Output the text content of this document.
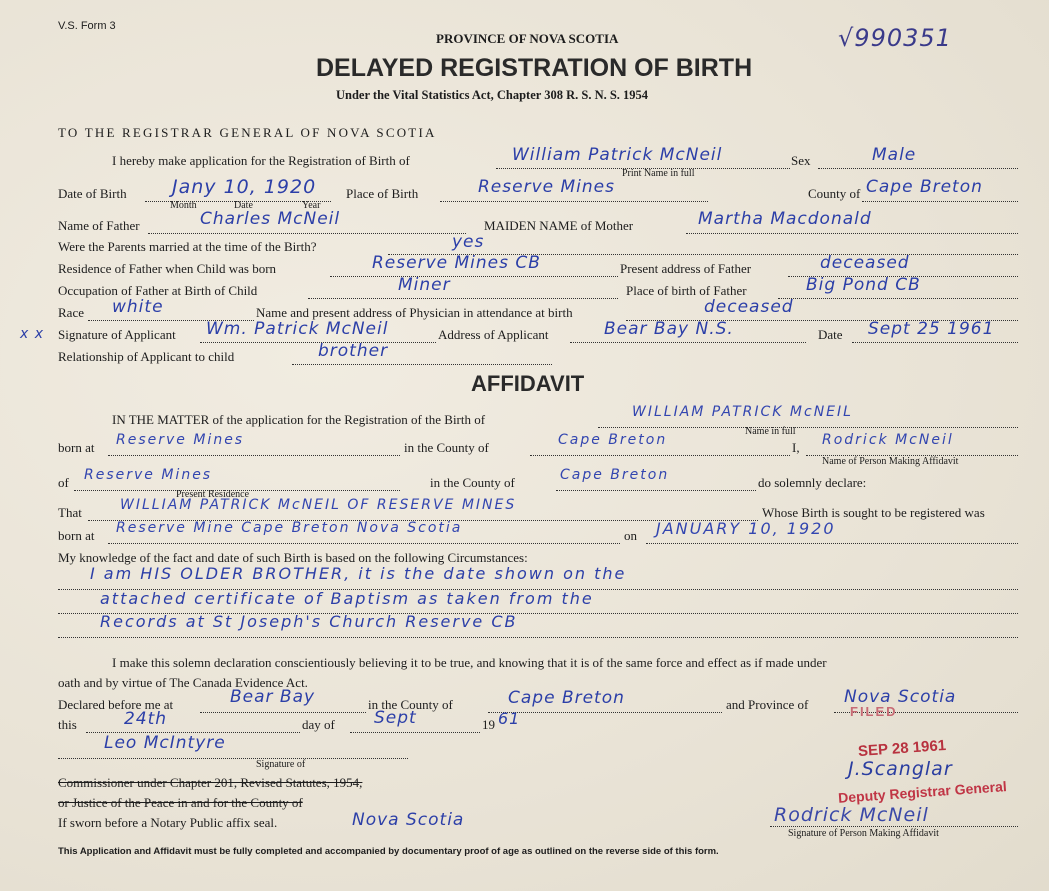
V.S. Form 3
PROVINCE OF NOVA SCOTIA
DELAYED REGISTRATION OF BIRTH
Under the Vital Statistics Act, Chapter 308 R. S. N. S. 1954
√990351
TO THE REGISTRAR GENERAL OF NOVA SCOTIA
I hereby make application for the Registration of Birth of	William Patrick McNeil
Print Name in full
Sex	Male
Date of Birth Jany 10, 1920
Month	Date	Year
Place of Birth	Reserve Mines	County of Cape Breton
Name of Father	Charles McNeil	MAIDEN NAME of Mother	Martha Macdonald
Were the Parents married at the time of the Birth?	yes
Residence of Father when Child was born	Reserve Mines CB	Present address of Father	deceased
Occupation of Father at Birth of Child	Miner	Place of birth of Father	Big Pond CB
Race white	Name and present address of Physician in attendance at birth	deceased
x x Signature of Applicant Wm. Patrick McNeil	Address of Applicant	Bear Bay N.S.	Date Sept 25 1961
Relationship of Applicant to child	brother
AFFIDAVIT
IN THE MATTER of the application for the Registration of the Birth of	WILLIAM PATRICK McNEIL
Name in full
born at Reserve Mines	in the County of	Cape Breton	I, Rodrick McNeil
Name of Person Making Affidavit
of Reserve Mines
Present Residence
in the County of	Cape Breton	do solemnly declare:
That	WILLIAM PATRICK McNEIL OF RESERVE MINES	Whose Birth is sought to be registered was
born at Reserve Mine Cape Breton Nova Scotia	on JANUARY 10, 1920
My knowledge of the fact and date of such Birth is based on the following Circumstances:
I am HIS OLDER BROTHER, it is the date shown on the
attached certificate of Baptism as taken from the
Records at St Joseph's Church Reserve CB
I make this solemn declaration conscientiously believing it to be true, and knowing that it is of the same force and effect as if made under
oath and by virtue of The Canada Evidence Act.
Declared before me at	Bear Bay	in the County of	Cape Breton	and Province of Nova Scotia
FILED
this	24th	day of Sept	19 61
Leo McIntyre
Signature of
Commissioner under Chapter 201, Revised Statutes, 1954,
or Justice of the Peace in and for the County of
If sworn before a Notary Public affix seal.	Nova Scotia
SEP 28 1961
J.Scanglar
Deputy Registrar General
Rodrick McNeil
Signature of Person Making Affidavit
This Application and Affidavit must be fully completed and accompanied by documentary proof of age as outlined on the reverse side of this form.
